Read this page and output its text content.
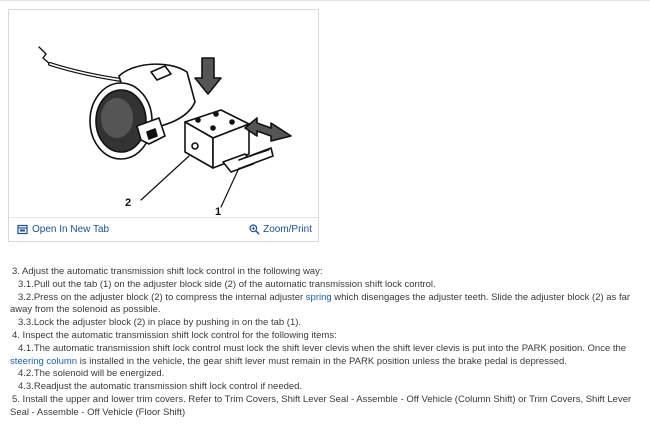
2
1
Open In New Tab	Zoom/Print

3. Adjust the automatic transmission shift lock control in the following way:

3.1.Pull out the tab (1) on the adjuster block side (2) of the automatic transmission shift lock control.

3.2.Press on the adjuster block (2) to compress the internal adjuster spring which disengages the adjuster teeth. Slide the adjuster block (2) as far away from the solenoid as possible.

3.3.Lock the adjuster block (2) in place by pushing in on the tab (1).

4. Inspect the automatic transmission shift lock control for the following items:

4.1.The automatic transmission shift lock control must lock the shift lever clevis when the shift lever clevis is put into the PARK position. Once the steering column is installed in the vehicle, the gear shift lever must remain in the PARK position unless the brake pedal is depressed.

4.2.The solenoid will be energized.

4.3.Readjust the automatic transmission shift lock control if needed.

5. Install the upper and lower trim covers. Refer to Trim Covers, Shift Lever Seal - Assemble - Off Vehicle (Column Shift) or Trim Covers, Shift Lever Seal - Assemble - Off Vehicle (Floor Shift)
